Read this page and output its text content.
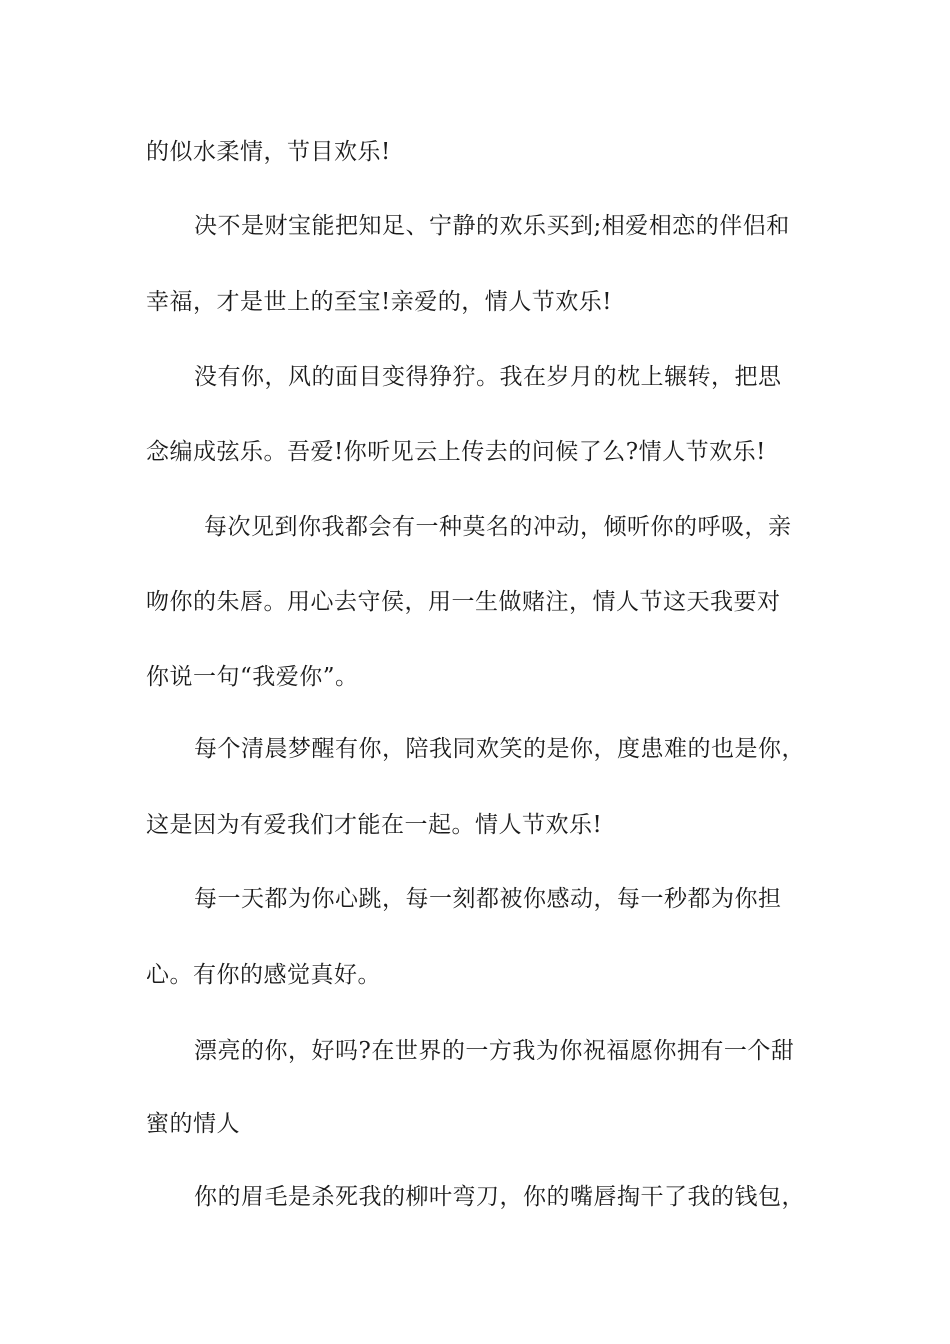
的似水柔情，节目欢乐!
决不是财宝能把知足、宁静的欢乐买到;相爱相恋的伴侣和
幸福，才是世上的至宝!亲爱的，情人节欢乐!
没有你，风的面目变得狰狞。我在岁月的枕上辗转，把思
念编成弦乐。吾爱!你听见云上传去的问候了么?情人节欢乐!
每次见到你我都会有一种莫名的冲动，倾听你的呼吸，亲
吻你的朱唇。用心去守侯，用一生做赌注，情人节这天我要对
你说一句“我爱你”。
每个清晨梦醒有你，陪我同欢笑的是你，度患难的也是你，
这是因为有爱我们才能在一起。情人节欢乐!
每一天都为你心跳，每一刻都被你感动，每一秒都为你担
心。有你的感觉真好。
漂亮的你，好吗?在世界的一方我为你祝福愿你拥有一个甜
蜜的情人
你的眉毛是杀死我的柳叶弯刀，你的嘴唇掏干了我的钱包，
